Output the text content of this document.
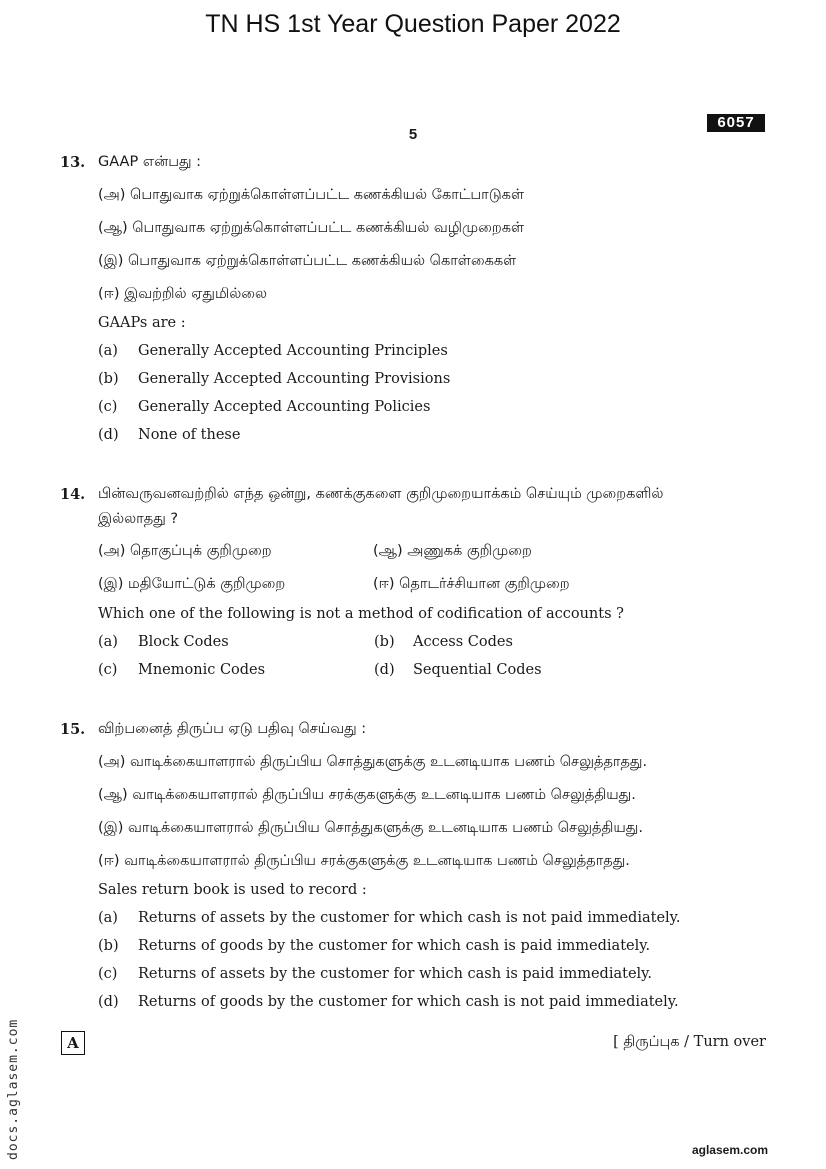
TN HS 1st Year Question Paper 2022
5
6057
13. GAAP என்பது :
(அ) பொதுவாக ஏற்றுக்கொள்ளப்பட்ட கணக்கியல் கோட்பாடுகள்
(ஆ) பொதுவாக ஏற்றுக்கொள்ளப்பட்ட கணக்கியல் வழிமுறைகள்
(இ) பொதுவாக ஏற்றுக்கொள்ளப்பட்ட கணக்கியல் கொள்கைகள்
(ஈ) இவற்றில் ஏதுமில்லை
GAAPs are :
(a) Generally Accepted Accounting Principles
(b) Generally Accepted Accounting Provisions
(c) Generally Accepted Accounting Policies
(d) None of these
14. பின்வருவனவற்றில் எந்த ஒன்று, கணக்குகளை குறிமுறையாக்கம் செய்யும் முறைகளில்
இல்லாதது ?
(அ) தொகுப்புக் குறிமுறை	(ஆ) அணுகக் குறிமுறை
(இ) மதியோட்டுக் குறிமுறை	(ஈ) தொடர்ச்சியான குறிமுறை
Which one of the following is not a method of codification of accounts ?
(a) Block Codes	(b) Access Codes
(c) Mnemonic Codes	(d) Sequential Codes
15. விற்பனைத் திருப்ப ஏடு பதிவு செய்வது :
(அ) வாடிக்கையாளரால் திருப்பிய சொத்துகளுக்கு உடனடியாக பணம் செலுத்தாதது.
(ஆ) வாடிக்கையாளரால் திருப்பிய சரக்குகளுக்கு உடனடியாக பணம் செலுத்தியது.
(இ) வாடிக்கையாளரால் திருப்பிய சொத்துகளுக்கு உடனடியாக பணம் செலுத்தியது.
(ஈ) வாடிக்கையாளரால் திருப்பிய சரக்குகளுக்கு உடனடியாக பணம் செலுத்தாதது.
Sales return book is used to record :
(a) Returns of assets by the customer for which cash is not paid immediately.
(b) Returns of goods by the customer for which cash is paid immediately.
(c) Returns of assets by the customer for which cash is paid immediately.
(d) Returns of goods by the customer for which cash is not paid immediately.
A	[ திருப்புக / Turn over
docs.aglasem.com	aglasem.com
